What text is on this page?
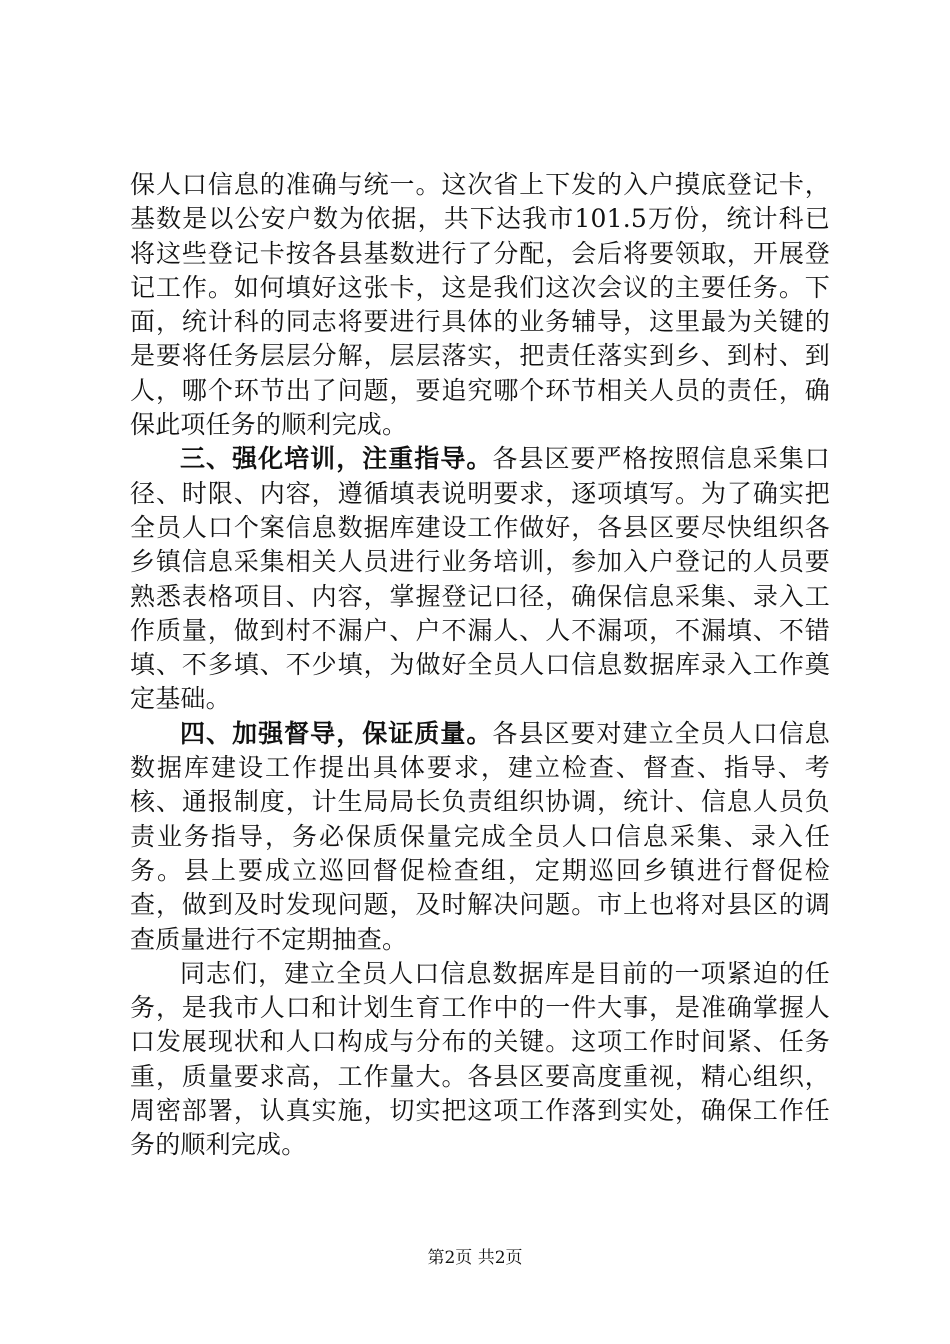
保人口信息的准确与统一。这次省上下发的入户摸底登记卡，基数是以公安户数为依据，共下达我市101.5万份，统计科已将这些登记卡按各县基数进行了分配，会后将要领取，开展登记工作。如何填好这张卡，这是我们这次会议的主要任务。下面，统计科的同志将要进行具体的业务辅导，这里最为关键的是要将任务层层分解，层层落实，把责任落实到乡、到村、到人，哪个环节出了问题，要追究哪个环节相关人员的责任，确保此项任务的顺利完成。

三、强化培训，注重指导。各县区要严格按照信息采集口径、时限、内容，遵循填表说明要求，逐项填写。为了确实把全员人口个案信息数据库建设工作做好，各县区要尽快组织各乡镇信息采集相关人员进行业务培训，参加入户登记的人员要熟悉表格项目、内容，掌握登记口径，确保信息采集、录入工作质量，做到村不漏户、户不漏人、人不漏项，不漏填、不错填、不多填、不少填，为做好全员人口信息数据库录入工作奠定基础。

四、加强督导，保证质量。各县区要对建立全员人口信息数据库建设工作提出具体要求，建立检查、督查、指导、考核、通报制度，计生局局长负责组织协调，统计、信息人员负责业务指导，务必保质保量完成全员人口信息采集、录入任务。县上要成立巡回督促检查组，定期巡回乡镇进行督促检查，做到及时发现问题，及时解决问题。市上也将对县区的调查质量进行不定期抽查。

同志们，建立全员人口信息数据库是目前的一项紧迫的任务，是我市人口和计划生育工作中的一件大事，是准确掌握人口发展现状和人口构成与分布的关键。这项工作时间紧、任务重，质量要求高，工作量大。各县区要高度重视，精心组织，周密部署，认真实施，切实把这项工作落到实处，确保工作任务的顺利完成。

第2页 共2页
